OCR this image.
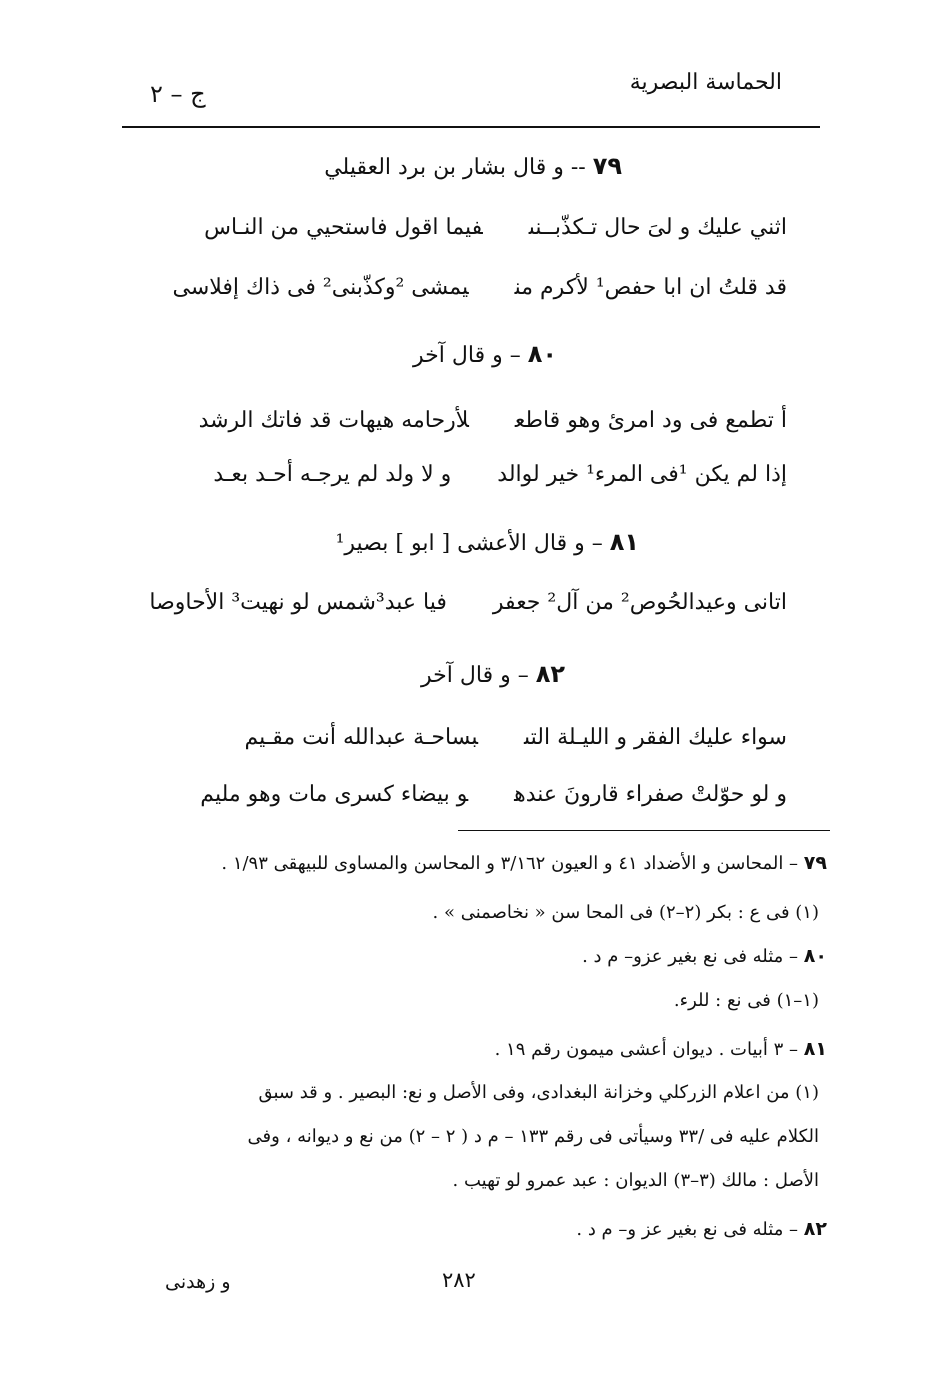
الحماسة البصرية
ج – ٢
٧٩ -- و قال بشار بن برد العقيلي
اثني عليك و لىَ حال تـكذّبــنىفيما اقول فاستحيي من النـاس
قد قلتُ ان ابا حفص¹ لأكرم منيمشى ²وكذّبنى² فى ذاك إفلاسى
٨٠ – و قال آخر
أ تطمع فى ود امرئ وهو قاطعلأرحامه هيهات قد فاتك الرشد
إذا لم يكن ¹فى المرء¹ خير لوالدو لا ولد لم يرجـه أحـد بعـد
٨١ – و قال الأعشى [ ابو ] بصير¹
اتانى وعيدالحُوص² من آل² جعفرفيا عبد³شمس لو نهيت³ الأحاوصا
٨٢ – و قال آخر
سواء عليك الفقر و الليـلة التىبساحـة عبدالله أنت مقـيم
و لو حوّلتْ صفراء قارونَ عندهو بيضاء كسرى مات وهو مليم
٧٩ – المحاسن و الأضداد ٤١ و العيون ٣/١٦٢ و المحاسن والمساوى للبيهقى ١/٩٣ .
(١) فى ع : بكر (٢–٢) فى المحا سن « نخاصمنى » .
٨٠ – مثله فى نع بغير عزو– م د .
(١–١) فى نع : للرء.
٨١ – ٣ أبيات . ديوان أعشى ميمون رقم ١٩ .
(١) من اعلام الزركلي وخزانة البغدادى، وفى الأصل و نع: البصير . و قد سبق
الكلام عليه فى /٣٣ وسيأتى فى رقم ١٣٣ – م د ( ٢ – ٢) من نع و ديوانه ، وفى
الأصل : مالك (٣–٣) الديوان : عبد عمرو لو تهيب .
٨٢ – مثله فى نع بغير عز و– م د .
٢٨٢
و زهدنى
